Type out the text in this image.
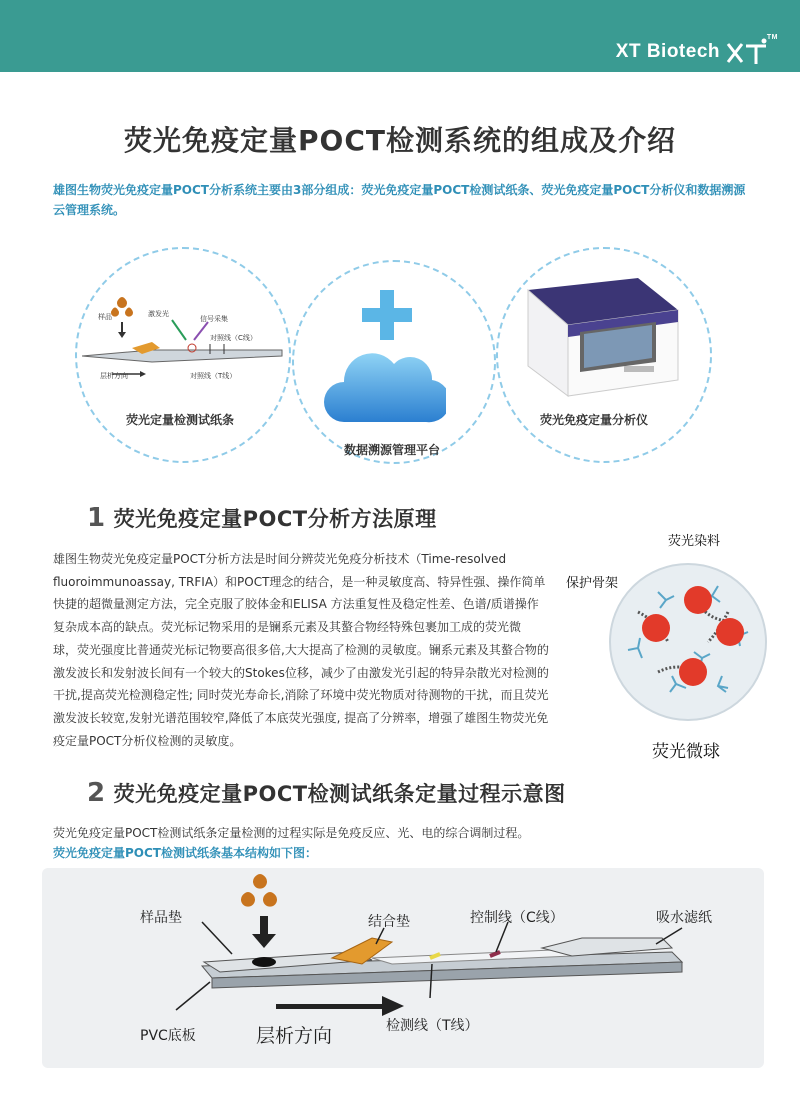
XT Biotech
TM
荧光免疫定量POCT检测系统的组成及介绍
雄图生物荧光免疫定量POCT分析系统主要由3部分组成：荧光免疫定量POCT检测试纸条、荧光免疫定量POCT分析仪和数据溯源云管理系统。
样品	激发光
信号采集
对照线（C线）
层析方向	对照线（T线）
荧光定量检测试纸条
数据溯源管理平台
荧光免疫定量分析仪
1 荧光免疫定量POCT分析方法原理
雄图生物荧光免疫定量POCT分析方法是时间分辨荧光免疫分析技术（Time-resolved
fluoroimmunoassay, TRFIA）和POCT理念的结合，是一种灵敏度高、特异性强、操作简单
快捷的超微量测定方法，完全克服了胶体金和ELISA 方法重复性及稳定性差、色谱/质谱操作
复杂成本高的缺点。荧光标记物采用的是镧系元素及其螯合物经特殊包裹加工成的荧光微
球，荧光强度比普通荧光标记物要高很多倍,大大提高了检测的灵敏度。镧系元素及其螯合物的
激发波长和发射波长间有一个较大的Stokes位移，减少了由激发光引起的特异杂散光对检测的
干扰,提高荧光检测稳定性; 同时荧光寿命长,消除了环境中荧光物质对待测物的干扰，而且荧光
激发波长较宽,发射光谱范围较窄,降低了本底荧光强度, 提高了分辨率，增强了雄图生物荧光免
疫定量POCT分析仪检测的灵敏度。
荧光染料
保护骨架
荧光微球
2 荧光免疫定量POCT检测试纸条定量过程示意图
荧光免疫定量POCT检测试纸条定量检测的过程实际是免疫反应、光、电的综合调制过程。
荧光免疫定量POCT检测试纸条基本结构如下图：
样品垫	结合垫	控制线（C线）	吸水滤纸
PVC底板	层析方向	检测线（T线）
